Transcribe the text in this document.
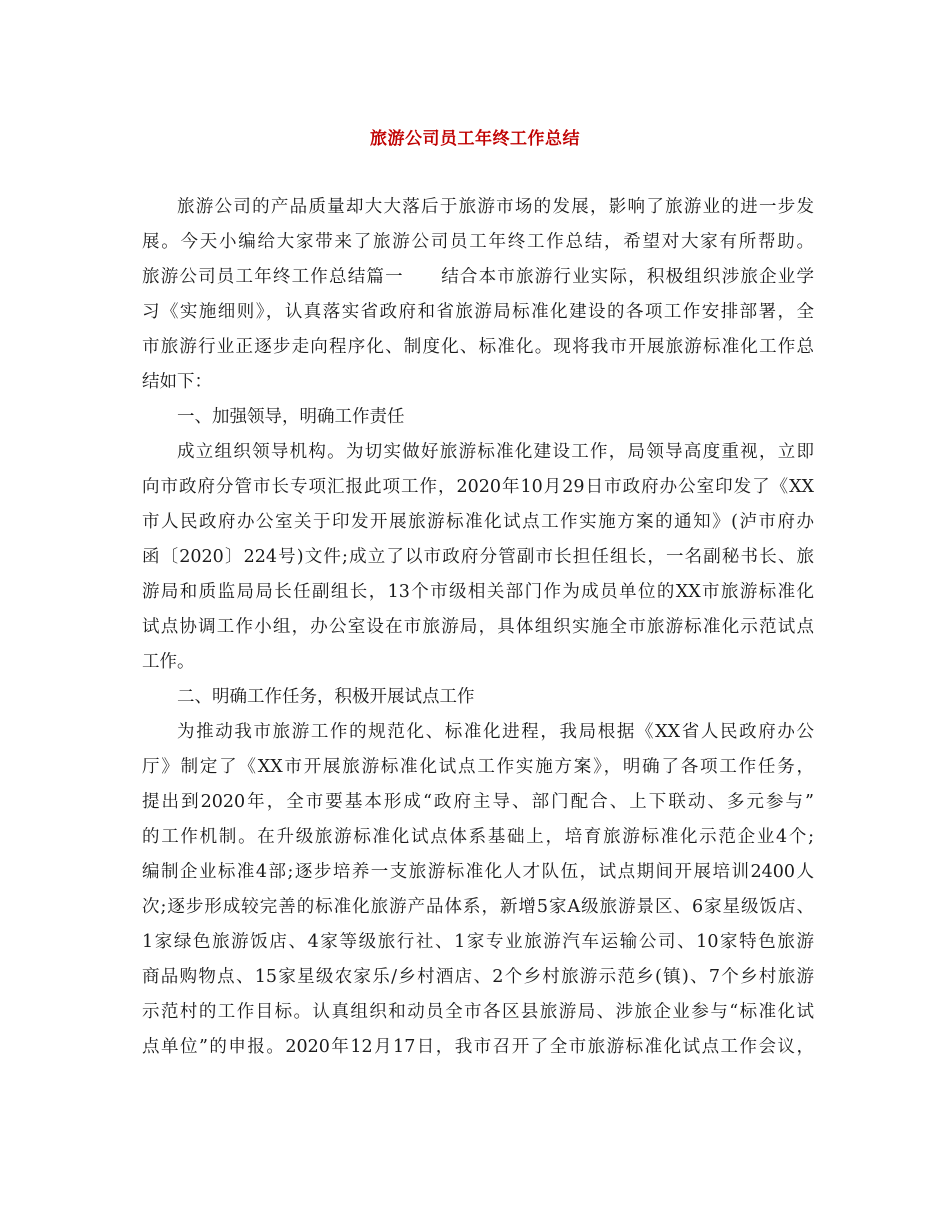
旅游公司员工年终工作总结
旅游公司的产品质量却大大落后于旅游市场的发展，影响了旅游业的进一步发
展。今天小编给大家带来了旅游公司员工年终工作总结，希望对大家有所帮助。
旅游公司员工年终工作总结篇一　　结合本市旅游行业实际，积极组织涉旅企业学
习《实施细则》，认真落实省政府和省旅游局标准化建设的各项工作安排部署，全
市旅游行业正逐步走向程序化、制度化、标准化。现将我市开展旅游标准化工作总
结如下：
一、加强领导，明确工作责任
成立组织领导机构。为切实做好旅游标准化建设工作，局领导高度重视，立即
向市政府分管市长专项汇报此项工作，2020年10月29日市政府办公室印发了《XX
市人民政府办公室关于印发开展旅游标准化试点工作实施方案的通知》(泸市府办
函〔2020〕224号)文件;成立了以市政府分管副市长担任组长，一名副秘书长、旅
游局和质监局局长任副组长，13个市级相关部门作为成员单位的XX市旅游标准化
试点协调工作小组，办公室设在市旅游局，具体组织实施全市旅游标准化示范试点
工作。
二、明确工作任务，积极开展试点工作
为推动我市旅游工作的规范化、标准化进程，我局根据《XX省人民政府办公
厅》制定了《XX市开展旅游标准化试点工作实施方案》，明确了各项工作任务，
提出到2020年，全市要基本形成“政府主导、部门配合、上下联动、多元参与”
的工作机制。在升级旅游标准化试点体系基础上，培育旅游标准化示范企业4个;
编制企业标准4部;逐步培养一支旅游标准化人才队伍，试点期间开展培训2400人
次;逐步形成较完善的标准化旅游产品体系，新增5家A级旅游景区、6家星级饭店、
1家绿色旅游饭店、4家等级旅行社、1家专业旅游汽车运输公司、10家特色旅游
商品购物点、15家星级农家乐/乡村酒店、2个乡村旅游示范乡(镇)、7个乡村旅游
示范村的工作目标。认真组织和动员全市各区县旅游局、涉旅企业参与“标准化试
点单位”的申报。2020年12月17日，我市召开了全市旅游标准化试点工作会议，
